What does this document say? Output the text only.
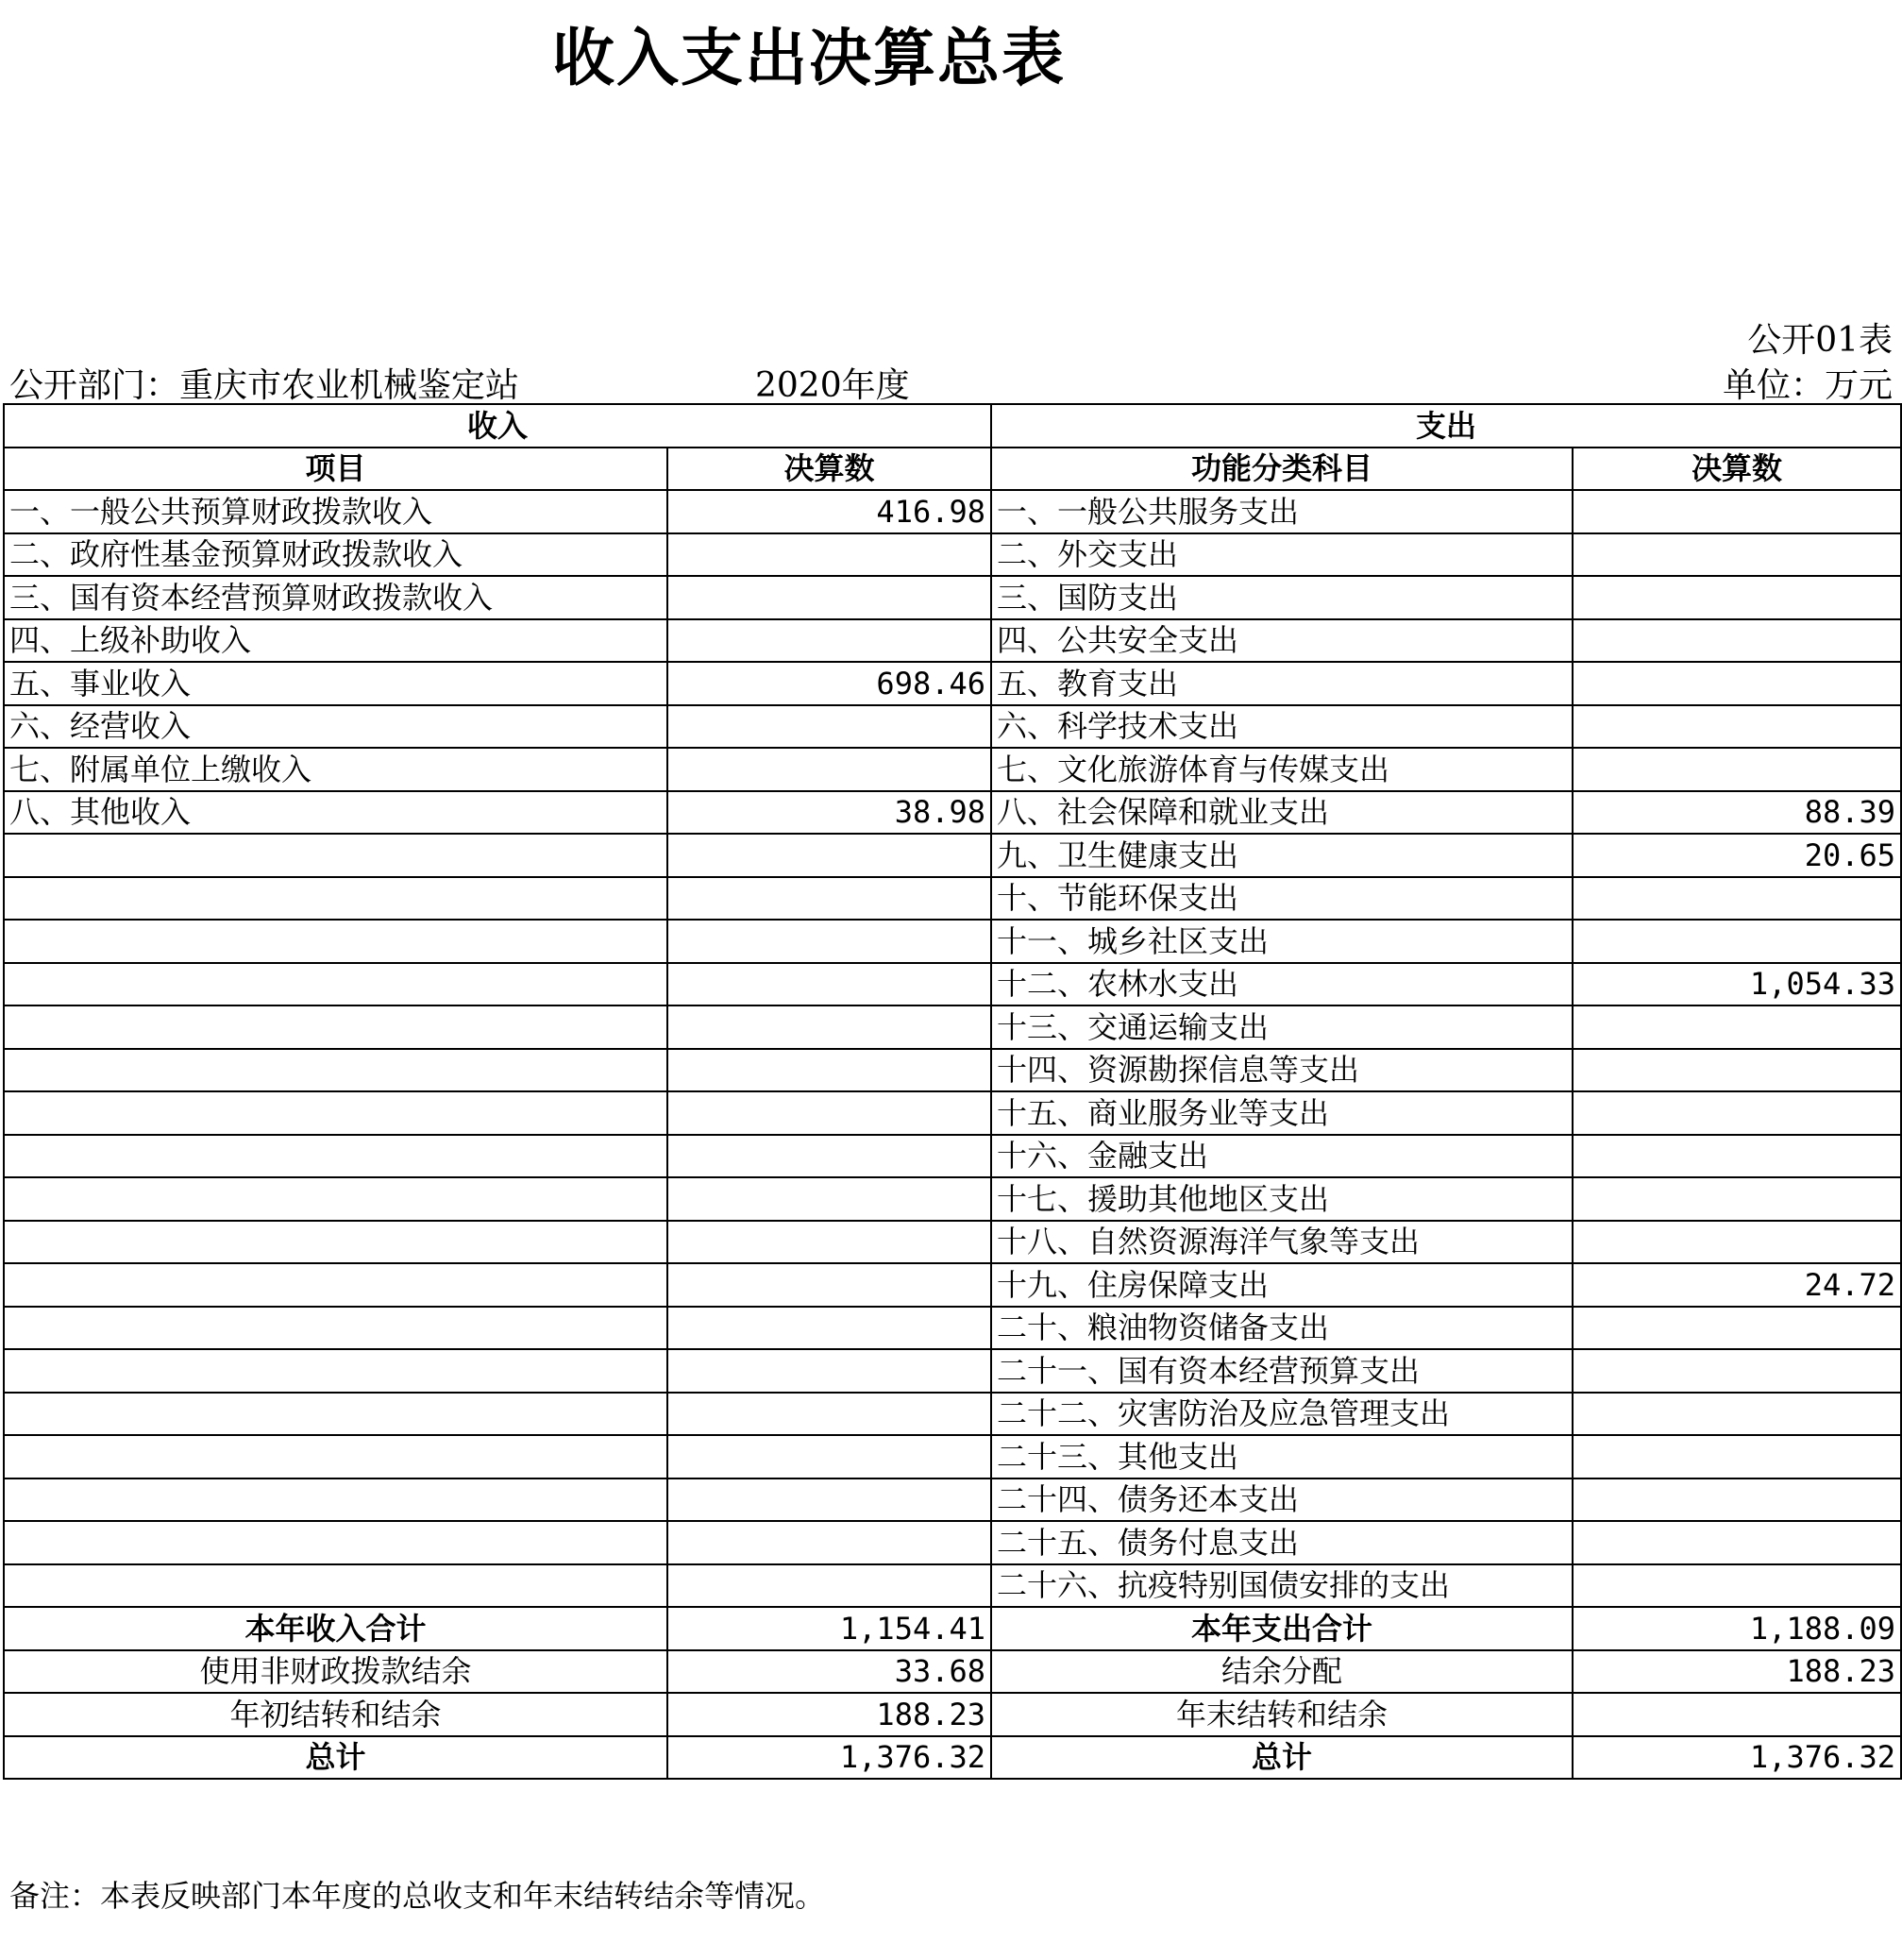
收入支出决算总表
公开01表
公开部门：重庆市农业机械鉴定站	2020年度	单位：万元
收入		支出	
项目	决算数	功能分类科目	决算数
一、一般公共预算财政拨款收入	416.98	一、一般公共服务支出	
二、政府性基金预算财政拨款收入		二、外交支出	
三、国有资本经营预算财政拨款收入		三、国防支出	
四、上级补助收入		四、公共安全支出	
五、事业收入	698.46	五、教育支出	
六、经营收入		六、科学技术支出	
七、附属单位上缴收入		七、文化旅游体育与传媒支出	
八、其他收入	38.98	八、社会保障和就业支出	88.39
		九、卫生健康支出	20.65
		十、节能环保支出	
		十一、城乡社区支出	
		十二、农林水支出	1,054.33
		十三、交通运输支出	
		十四、资源勘探信息等支出	
		十五、商业服务业等支出	
		十六、金融支出	
		十七、援助其他地区支出	
		十八、自然资源海洋气象等支出	
		十九、住房保障支出	24.72
		二十、粮油物资储备支出	
		二十一、国有资本经营预算支出	
		二十二、灾害防治及应急管理支出	
		二十三、其他支出	
		二十四、债务还本支出	
		二十五、债务付息支出	
		二十六、抗疫特别国债安排的支出	
本年收入合计	1,154.41	本年支出合计	1,188.09
使用非财政拨款结余	33.68	结余分配	188.23
年初结转和结余	188.23	年末结转和结余	
总计	1,376.32	总计	1,376.32
备注：本表反映部门本年度的总收支和年末结转结余等情况。
